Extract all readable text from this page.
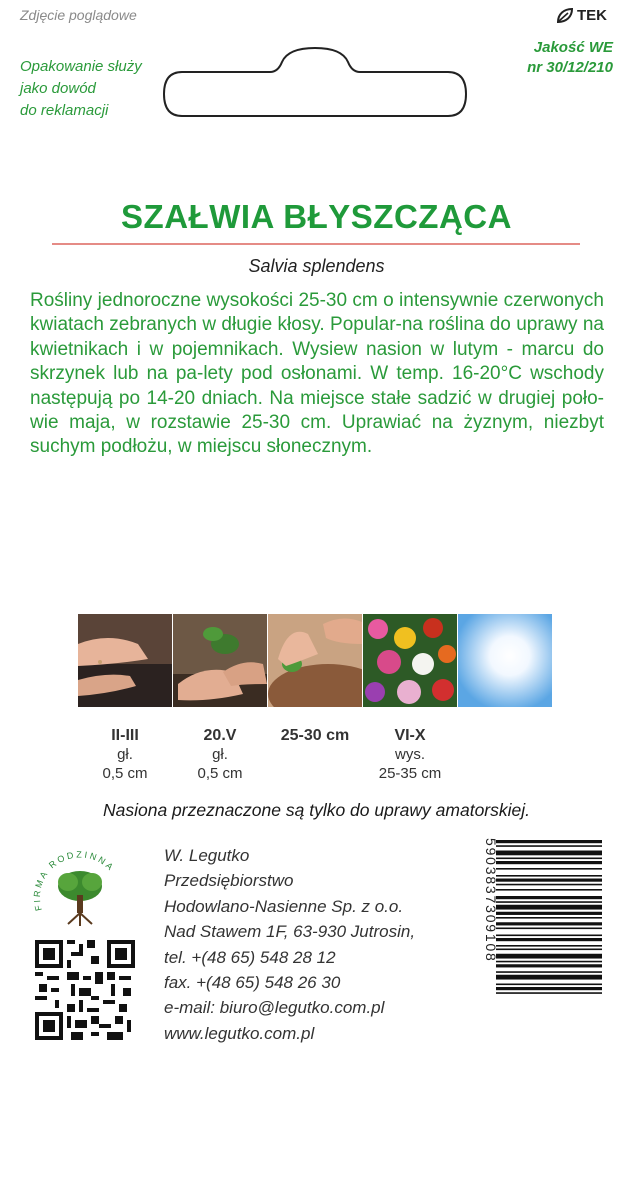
Zdjęcie poglądowe	TEK
Jakość WE
nr 30/12/210
Opakowanie służy
jako dowód
do reklamacji
SZAŁWIA BŁYSZCZĄCA
Salvia splendens
Rośliny jednoroczne wysokości 25-30 cm o intensywnie czerwonych kwiatach zebranych w długie kłosy. Popular-na roślina do uprawy na kwietnikach i w pojemnikach. Wysiew nasion w lutym - marcu do skrzynek lub na pa-lety pod osłonami. W temp. 16-20°C wschody następują po 14-20 dniach. Na miejsce stałe sadzić w drugiej poło-wie maja, w rozstawie 25-30 cm. Uprawiać na żyznym, niezbyt suchym podłożu, w miejscu słonecznym.
II-III
gł.
0,5 cm
20.V
gł.
0,5 cm
25-30 cm	VI-X
wys.
25-35 cm
Nasiona przeznaczone są tylko do uprawy amatorskiej.
FIRMA RODZINNA
W. Legutko
Przedsiębiorstwo
Hodowlano-Nasienne Sp. z o.o.
Nad Stawem 1F, 63-930 Jutrosin,
tel. +(48 65) 548 28 12
fax. +(48 65) 548 26 30
e-mail: biuro@legutko.com.pl
www.legutko.com.pl
5903837309108
